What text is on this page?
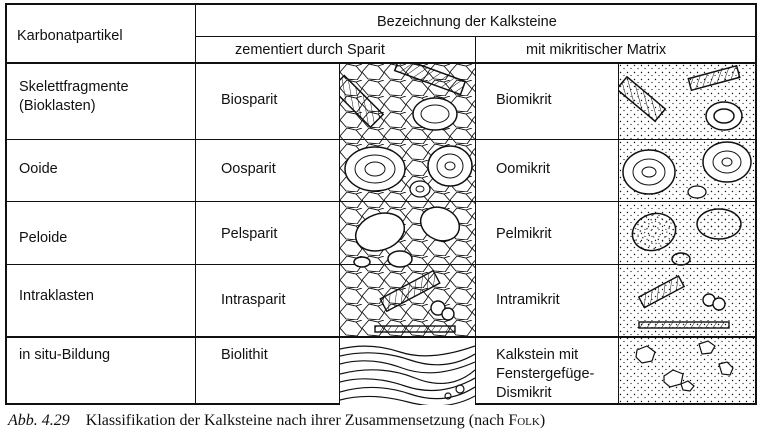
Karbonatpartikel
Bezeichnung der Kalksteine
zementiert durch Sparit	mit mikritischer Matrix
Skelettfragmente
(Bioklasten)	Biosparit	Biomikrit
Ooide	Oosparit	Oomikrit
Peloide	Pelsparit	Pelmikrit
Intraklasten	Intrasparit	Intramikrit
in situ-Bildung	Biolithit	Kalkstein mit
Fenstergefüge-
Dismikrit
Abb. 4.29 Klassifikation der Kalksteine nach ihrer Zusammensetzung (nach Folk)
